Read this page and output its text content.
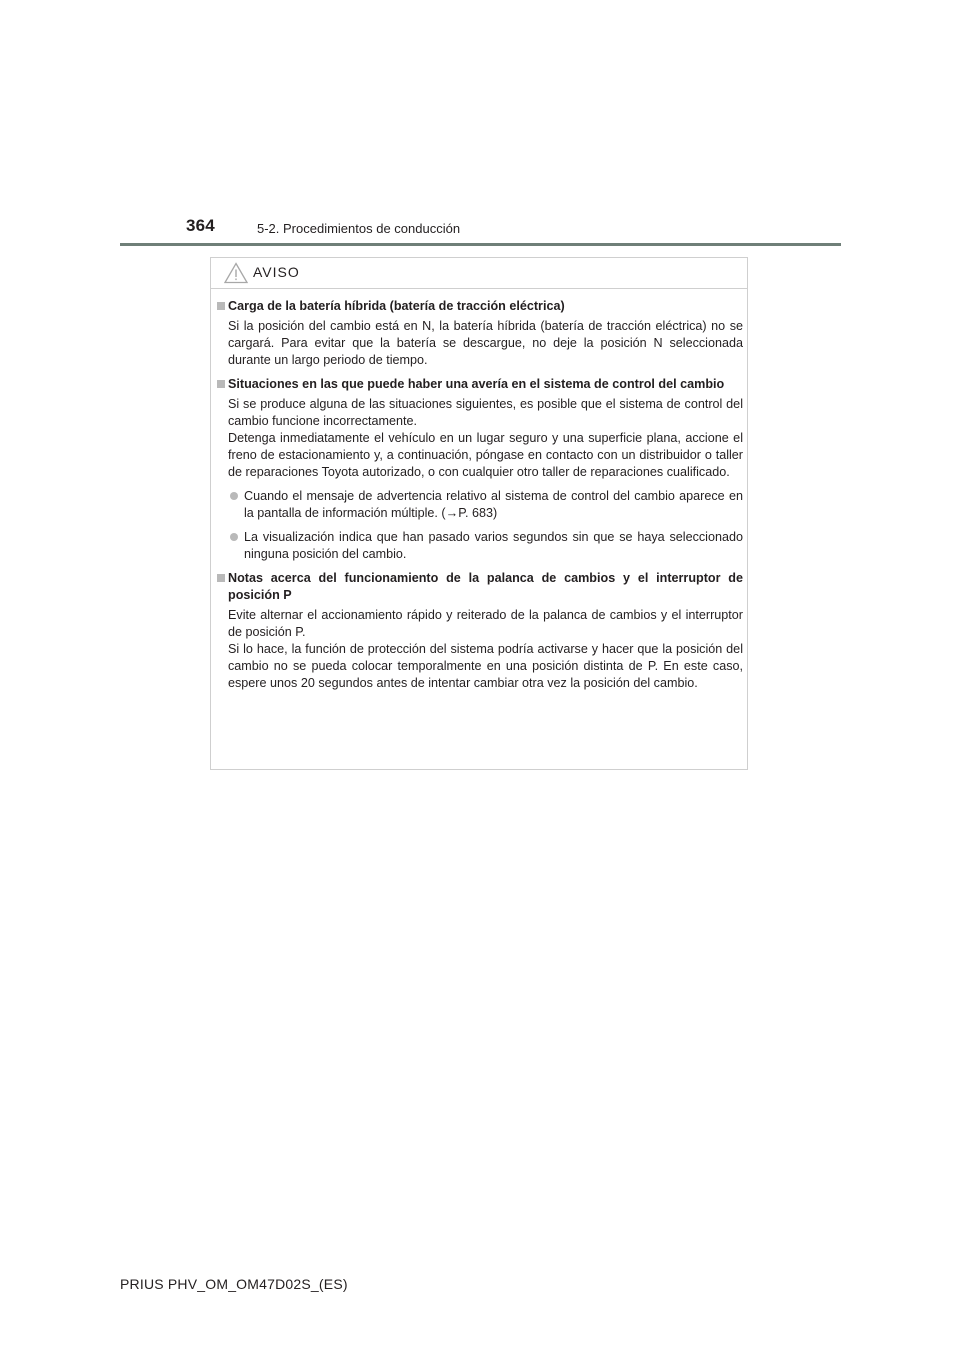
364	5-2. Procedimientos de conducción
AVISO
Carga de la batería híbrida (batería de tracción eléctrica)
Si la posición del cambio está en N, la batería híbrida (batería de tracción eléctrica) no se cargará. Para evitar que la batería se descargue, no deje la posición N seleccionada durante un largo periodo de tiempo.
Situaciones en las que puede haber una avería en el sistema de control del cambio
Si se produce alguna de las situaciones siguientes, es posible que el sistema de control del cambio funcione incorrectamente.
Detenga inmediatamente el vehículo en un lugar seguro y una superficie plana, accione el freno de estacionamiento y, a continuación, póngase en contacto con un distribuidor o taller de reparaciones Toyota autorizado, o con cualquier otro taller de reparaciones cualificado.
Cuando el mensaje de advertencia relativo al sistema de control del cambio aparece en la pantalla de información múltiple. (→P. 683)
La visualización indica que han pasado varios segundos sin que se haya seleccionado ninguna posición del cambio.
Notas acerca del funcionamiento de la palanca de cambios y el interruptor de posición P
Evite alternar el accionamiento rápido y reiterado de la palanca de cambios y el interruptor de posición P.
Si lo hace, la función de protección del sistema podría activarse y hacer que la posición del cambio no se pueda colocar temporalmente en una posición distinta de P. En este caso, espere unos 20 segundos antes de intentar cambiar otra vez la posición del cambio.
PRIUS PHV_OM_OM47D02S_(ES)
